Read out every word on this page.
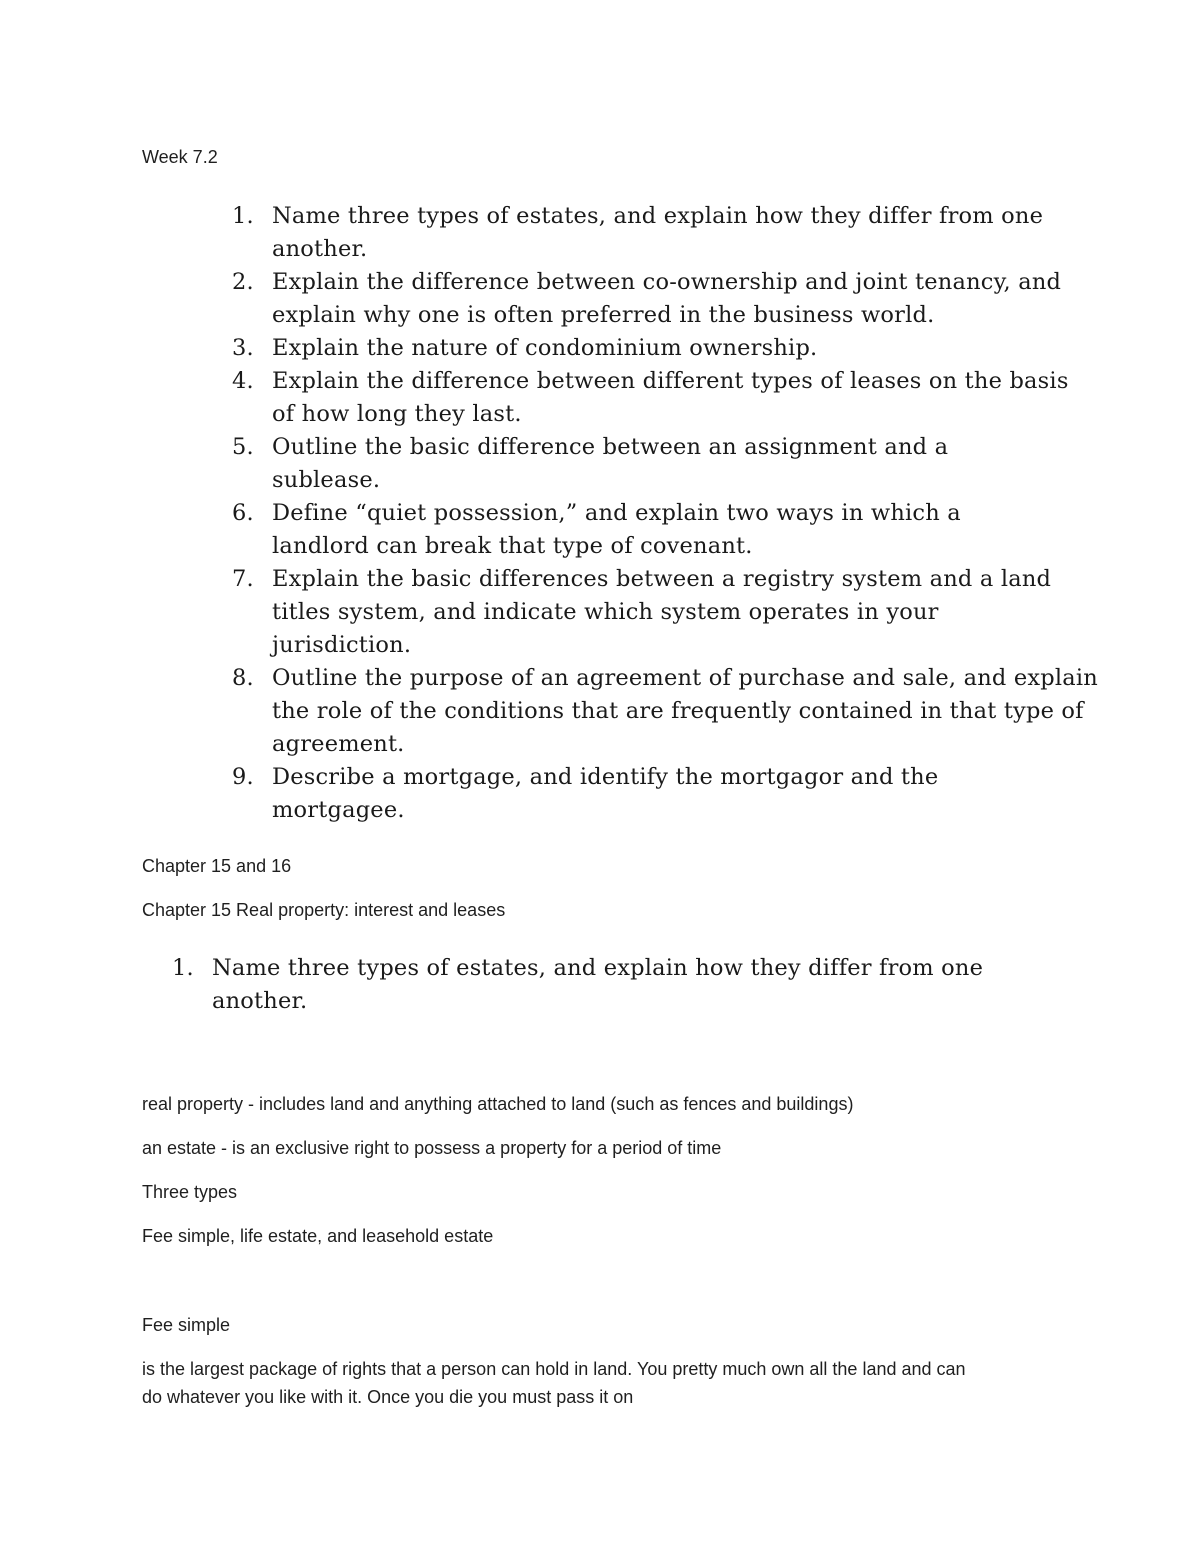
Week 7.2
1. Name three types of estates, and explain how they differ from one another.
2. Explain the difference between co-ownership and joint tenancy, and explain why one is often preferred in the business world.
3. Explain the nature of condominium ownership.
4. Explain the difference between different types of leases on the basis of how long they last.
5. Outline the basic difference between an assignment and a sublease.
6. Define “quiet possession,” and explain two ways in which a landlord can break that type of covenant.
7. Explain the basic differences between a registry system and a land titles system, and indicate which system operates in your jurisdiction.
8. Outline the purpose of an agreement of purchase and sale, and explain the role of the conditions that are frequently contained in that type of agreement.
9. Describe a mortgage, and identify the mortgagor and the mortgagee.
Chapter 15 and 16
Chapter 15 Real property: interest and leases
1. Name three types of estates, and explain how they differ from one another.
real property - includes land and anything attached to land (such as fences and buildings)
an estate - is an exclusive right to possess a property for a period of time
Three types
Fee simple, life estate, and leasehold estate
Fee simple
is the largest package of rights that a person can hold in land. You pretty much own all the land and can
do whatever you like with it. Once you die you must pass it on
